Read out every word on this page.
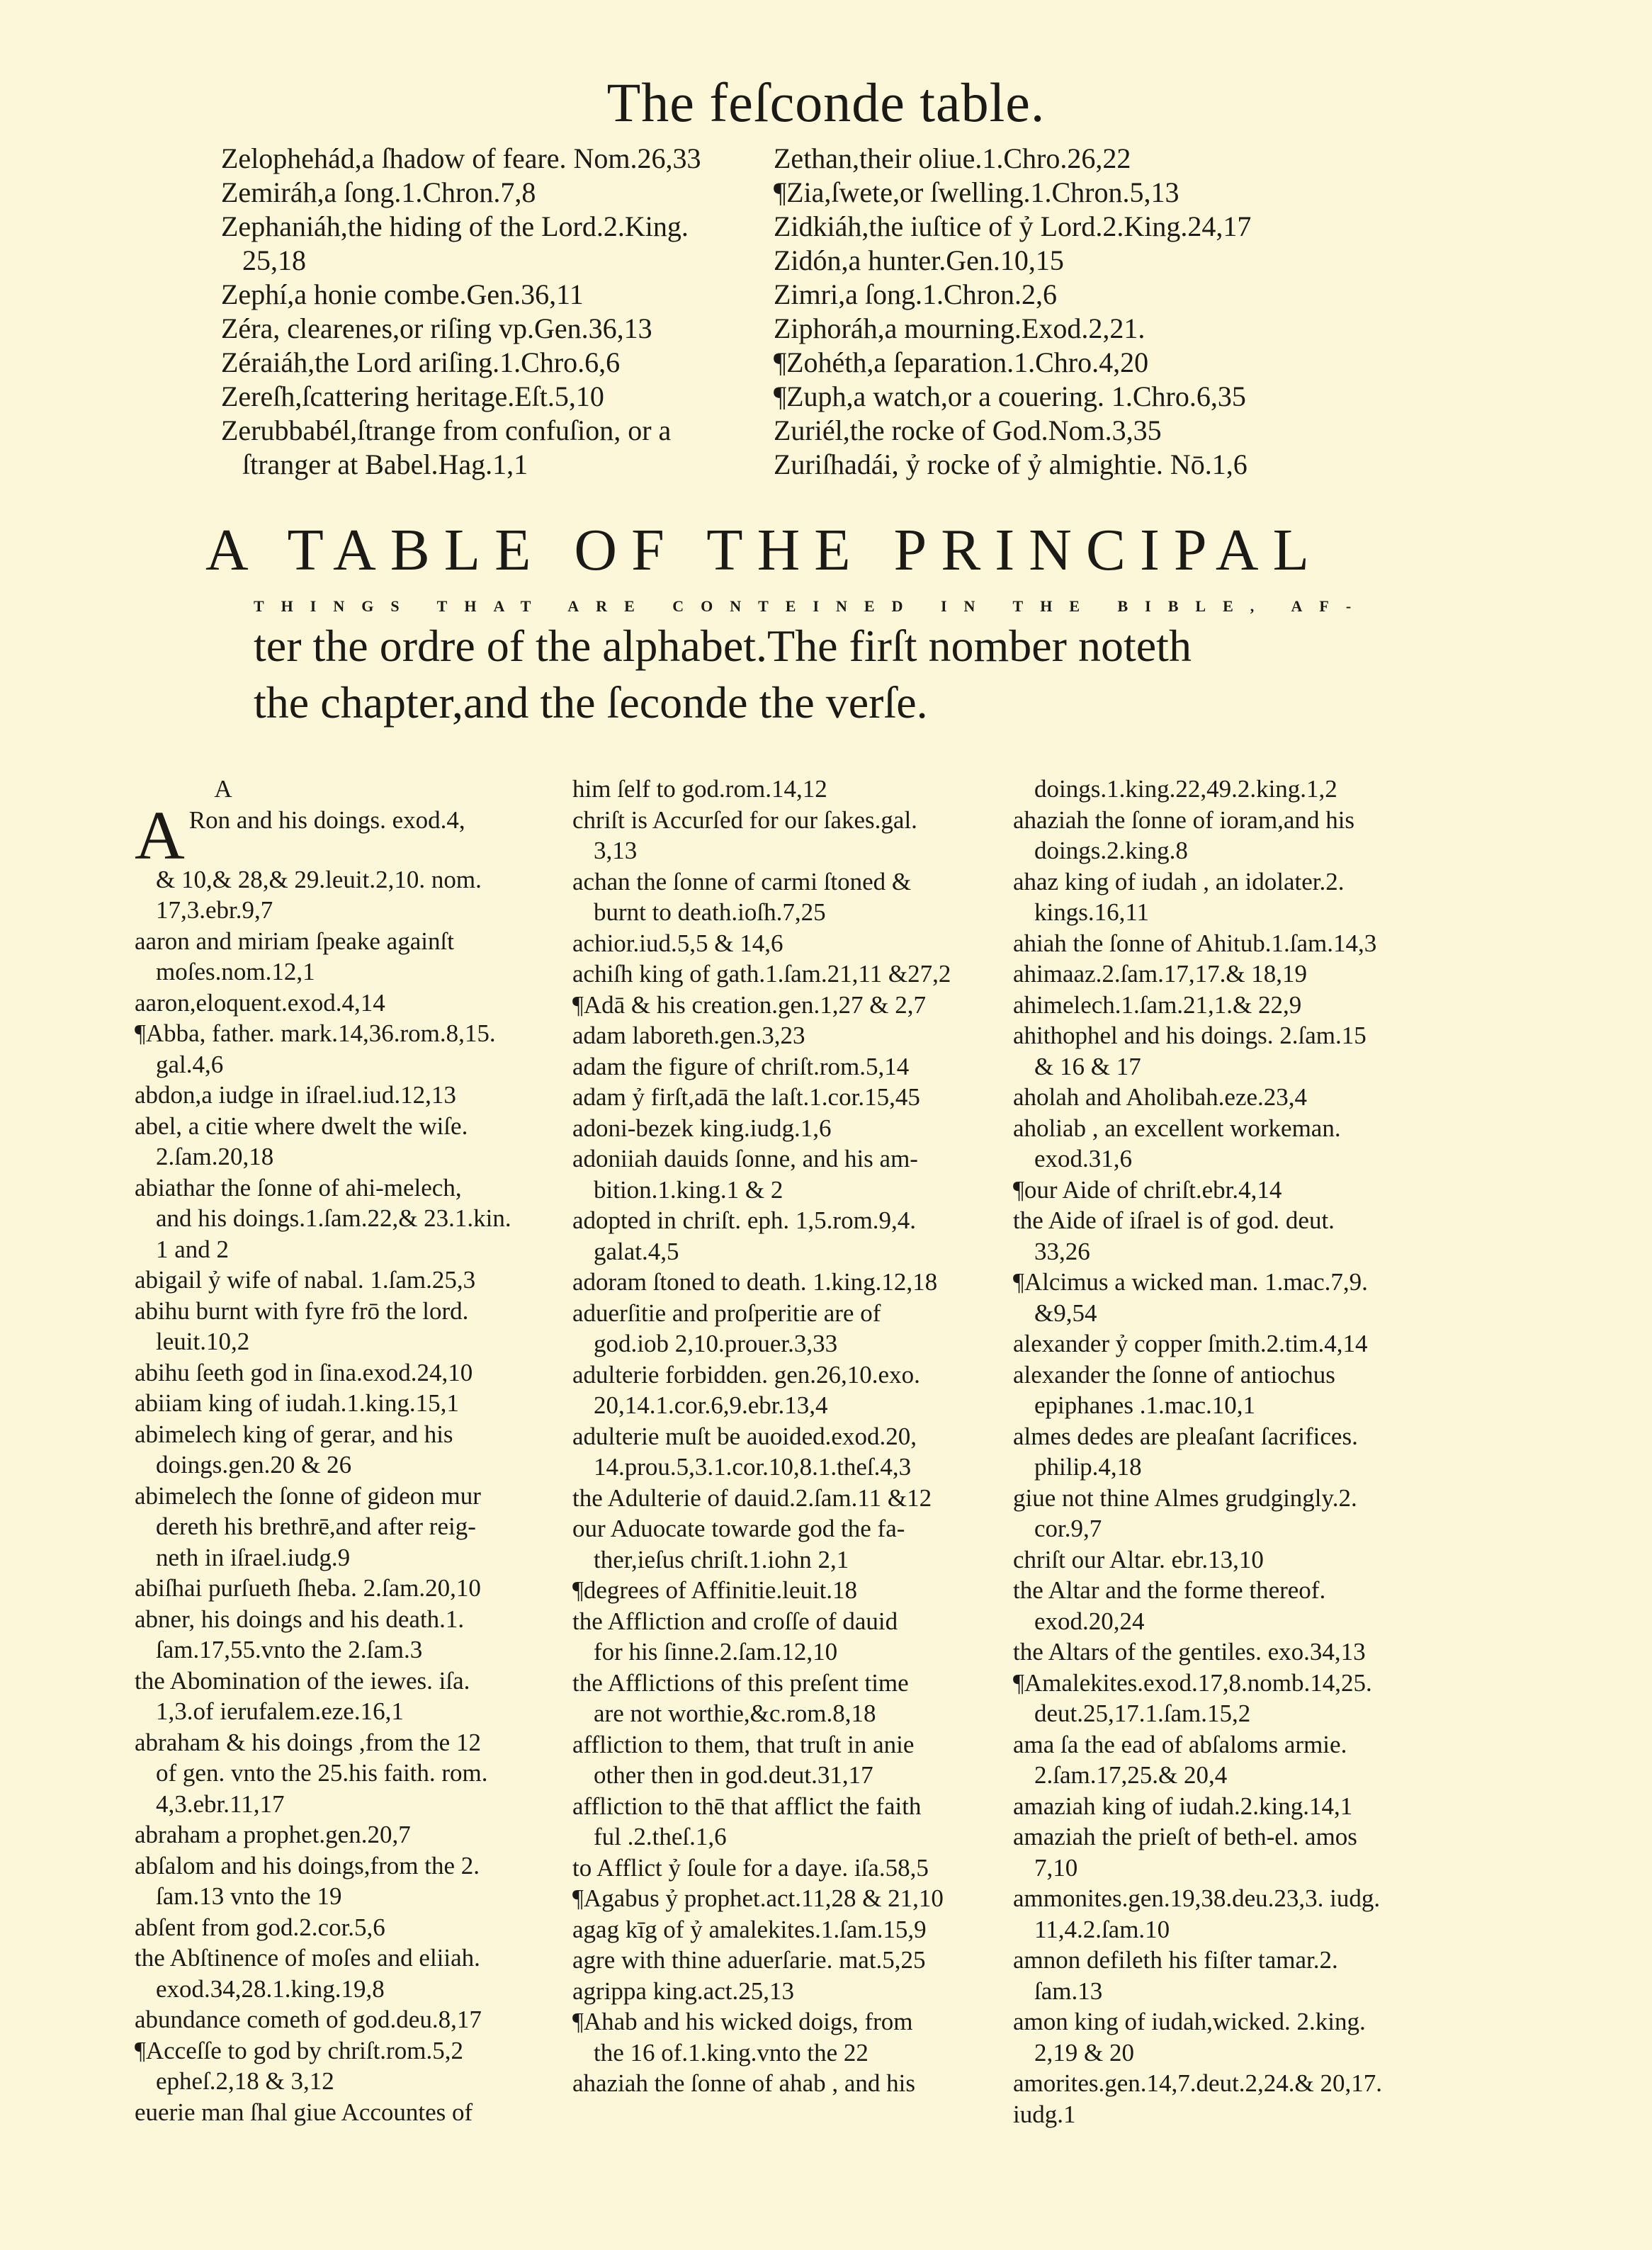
The feſconde table.
Zelophehád,a ſhadow of feare. Nom.26,33
Zemiráh,a ſong.1.Chron.7,8
Zephaniáh,the hiding of the Lord.2.King.
25,18
Zephí,a honie combe.Gen.36,11
Zéra, clearenes,or riſing vp.Gen.36,13
Zéraiáh,the Lord ariſing.1.Chro.6,6
Zereſh,ſcattering heritage.Eſt.5,10
Zerubbabél,ſtrange from confuſion, or a
ſtranger at Babel.Hag.1,1
Zethan,their oliue.1.Chro.26,22
¶Zia,ſwete,or ſwelling.1.Chron.5,13
Zidkiáh,the iuſtice of ỷ Lord.2.King.24,17
Zidón,a hunter.Gen.10,15
Zimri,a ſong.1.Chron.2,6
Ziphoráh,a mourning.Exod.2,21.
¶Zohéth,a ſeparation.1.Chro.4,20
¶Zuph,a watch,or a couering. 1.Chro.6,35
Zuriél,the rocke of God.Nom.3,35
Zuriſhadái, ỷ rocke of ỷ almightie. Nō.1,6
A TABLE OF THE PRINCIPAL
THINGS THAT ARE CONTEINED IN THE BIBLE, AF-
ter the ordre of the alphabet.The firſt nomber noteth
the chapter,and the ſeconde the verſe.
A
A Ron and his doings. exod.4,
& 10,& 28,& 29.leuit.2,10. nom.
17,3.ebr.9,7
aaron and miriam ſpeake againſt
moſes.nom.12,1
aaron,eloquent.exod.4,14
¶Abba, father. mark.14,36.rom.8,15.
gal.4,6
abdon,a iudge in iſrael.iud.12,13
abel, a citie where dwelt the wiſe.
2.ſam.20,18
abiathar the ſonne of ahi-melech,
and his doings.1.ſam.22,& 23.1.kin.
1 and 2
abigail ỷ wife of nabal. 1.ſam.25,3
abihu burnt with fyre frō the lord.
leuit.10,2
abihu ſeeth god in ſina.exod.24,10
abiiam king of iudah.1.king.15,1
abimelech king of gerar, and his
doings.gen.20 & 26
abimelech the ſonne of gideon mur
dereth his brethrē,and after reig-
neth in iſrael.iudg.9
abiſhai purſueth ſheba. 2.ſam.20,10
abner, his doings and his death.1.
ſam.17,55.vnto the 2.ſam.3
the Abomination of the iewes. iſa.
1,3.of ierufalem.eze.16,1
abraham & his doings ,from the 12
of gen. vnto the 25.his faith. rom.
4,3.ebr.11,17
abraham a prophet.gen.20,7
abſalom and his doings,from the 2.
ſam.13 vnto the 19
abſent from god.2.cor.5,6
the Abſtinence of moſes and eliiah.
exod.34,28.1.king.19,8
abundance cometh of god.deu.8,17
¶Acceſſe to god by chriſt.rom.5,2
epheſ.2,18 & 3,12
euerie man ſhal giue Accountes of
him ſelf to god.rom.14,12
chriſt is Accurſed for our ſakes.gal.
3,13
achan the ſonne of carmi ſtoned &
burnt to death.ioſh.7,25
achior.iud.5,5 & 14,6
achiſh king of gath.1.ſam.21,11 &27,2
¶Adā & his creation.gen.1,27 & 2,7
adam laboreth.gen.3,23
adam the figure of chriſt.rom.5,14
adam ỷ firſt,adā the laſt.1.cor.15,45
adoni-bezek king.iudg.1,6
adoniiah dauids ſonne, and his am-
bition.1.king.1 & 2
adopted in chriſt. eph. 1,5.rom.9,4.
galat.4,5
adoram ſtoned to death. 1.king.12,18
aduerſitie and proſperitie are of
god.iob 2,10.prouer.3,33
adulterie forbidden. gen.26,10.exo.
20,14.1.cor.6,9.ebr.13,4
adulterie muſt be auoided.exod.20,
14.prou.5,3.1.cor.10,8.1.theſ.4,3
the Adulterie of dauid.2.ſam.11 &12
our Aduocate towarde god the fa-
ther,ieſus chriſt.1.iohn 2,1
¶degrees of Affinitie.leuit.18
the Affliction and croſſe of dauid
for his ſinne.2.ſam.12,10
the Afflictions of this preſent time
are not worthie,&c.rom.8,18
affliction to them, that truſt in anie
other then in god.deut.31,17
affliction to thē that afflict the faith
ful .2.theſ.1,6
to Afflict ỷ ſoule for a daye. iſa.58,5
¶Agabus ỷ prophet.act.11,28 & 21,10
agag kīg of ỷ amalekites.1.ſam.15,9
agre with thine aduerſarie. mat.5,25
agrippa king.act.25,13
¶Ahab and his wicked doigs, from
the 16 of.1.king.vnto the 22
ahaziah the ſonne of ahab , and his
doings.1.king.22,49.2.king.1,2
ahaziah the ſonne of ioram,and his
doings.2.king.8
ahaz king of iudah , an idolater.2.
kings.16,11
ahiah the ſonne of Ahitub.1.ſam.14,3
ahimaaz.2.ſam.17,17.& 18,19
ahimelech.1.ſam.21,1.& 22,9
ahithophel and his doings. 2.ſam.15
& 16 & 17
aholah and Aholibah.eze.23,4
aholiab , an excellent workeman.
exod.31,6
¶our Aide of chriſt.ebr.4,14
the Aide of iſrael is of god. deut.
33,26
¶Alcimus a wicked man. 1.mac.7,9.
&9,54
alexander ỷ copper ſmith.2.tim.4,14
alexander the ſonne of antiochus
epiphanes .1.mac.10,1
almes dedes are pleaſant ſacrifices.
philip.4,18
giue not thine Almes grudgingly.2.
cor.9,7
chriſt our Altar. ebr.13,10
the Altar and the forme thereof.
exod.20,24
the Altars of the gentiles. exo.34,13
¶Amalekites.exod.17,8.nomb.14,25.
deut.25,17.1.ſam.15,2
ama ſa the ead of abſaloms armie.
2.ſam.17,25.& 20,4
amaziah king of iudah.2.king.14,1
amaziah the prieſt of beth-el. amos
7,10
ammonites.gen.19,38.deu.23,3. iudg.
11,4.2.ſam.10
amnon defileth his fiſter tamar.2.
ſam.13
amon king of iudah,wicked. 2.king.
2,19 & 20
amorites.gen.14,7.deut.2,24.& 20,17.
iudg.1
